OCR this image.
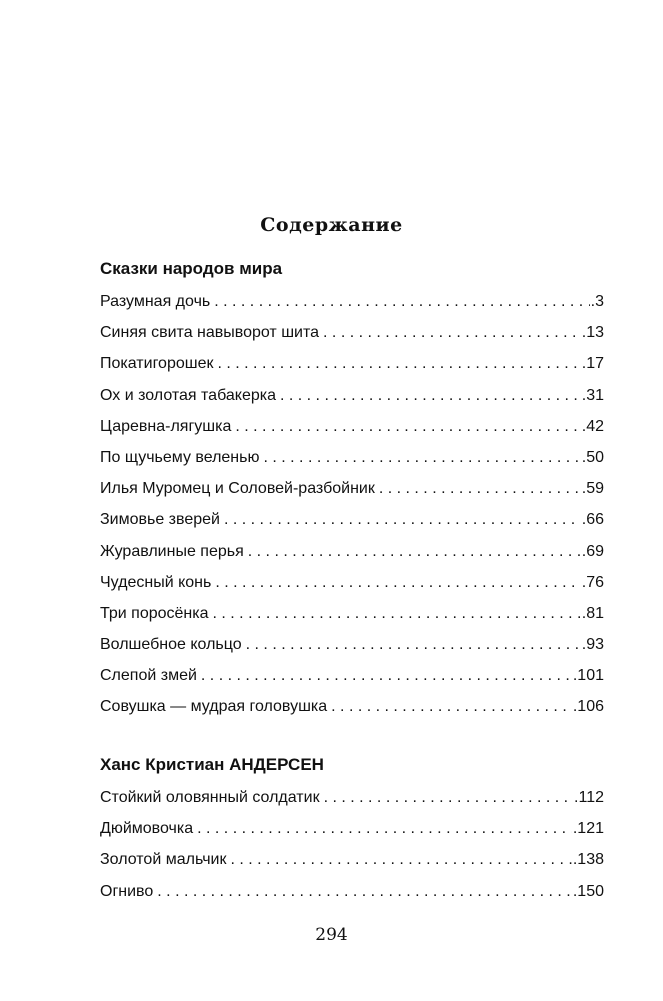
Содержание
Сказки народов мира
Разумная дочь . . .	.3
Синяя свита навыворот шита . . .	.13
Покатигорошек . . .	.17
Ох и золотая табакерка . . .	.31
Царевна-лягушка . . .	.42
По щучьему веленью . . .	.50
Илья Муромец и Соловей-разбойник . . .	.59
Зимовье зверей . . .	.66
Журавлиные перья . . .	.69
Чудесный конь . . .	.76
Три поросёнка . . .	.81
Волшебное кольцо . . .	.93
Слепой змей . . .	.101
Совушка — мудрая головушка . . .	.106
Ханс Кристиан АНДЕРСЕН
Стойкий оловянный солдатик . . .	.112
Дюймовочка . . .	.121
Золотой мальчик . . .	.138
Огниво . . .	.150
294
